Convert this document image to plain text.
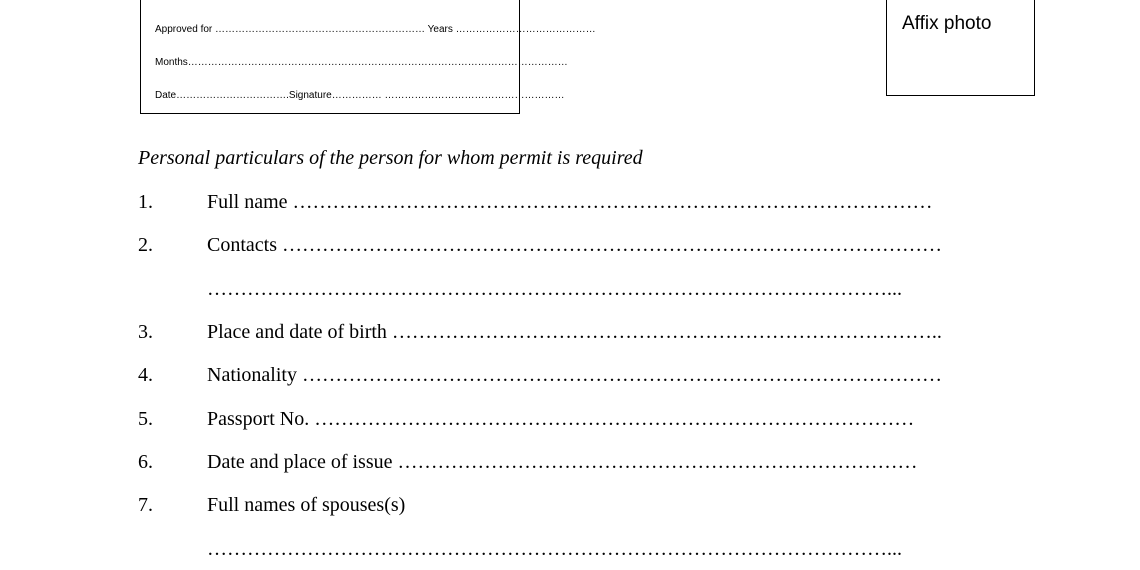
Approved for ……………………………………………………… Years ……………………………………
Months……………………………………………………………………………………………………
Date…………………………….Signature…………… ………………………………………………
Affix photo
Personal particulars of the person for whom permit is required
1.	Full name ……………………………………………………………………………………
2.	Contacts ………………………………………………………………………………………
…………………………………………………………………………………………...
3.	Place and date of birth ………………………………………………………………………..
4.	Nationality ……………………………………………………………………………………
5.	Passport No. ………………………………………………………………………………
6.	Date and place of issue ……………………………………………………………………
7.	Full names of spouses(s)
…………………………………………………………………………………………...
